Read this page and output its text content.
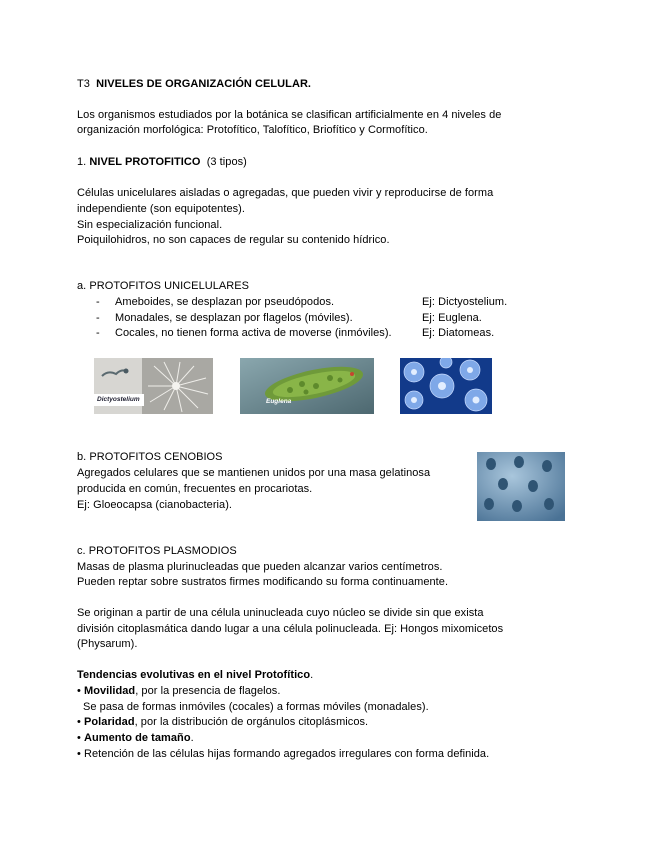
T3 NIVELES DE ORGANIZACIÓN CELULAR.
Los organismos estudiados por la botánica se clasifican artificialmente en 4 niveles de
organización morfológica: Protofítico, Talofítico, Briofítico y Cormofítico.
1. NIVEL PROTOFITICO (3 tipos)
Células unicelulares aisladas o agregadas, que pueden vivir y reproducirse de forma
independiente (son equipotentes).
Sin especialización funcional.
Poiquilohidros, no son capaces de regular su contenido hídrico.
a. PROTOFITOS UNICELULARES
- Ameboides, se desplazan por pseudópodos.	Ej: Dictyostelium.
- Monadales, se desplazan por flagelos (móviles).	Ej: Euglena.
- Cocales, no tienen forma activa de moverse (inmóviles).	Ej: Diatomeas.
Dictyostelium	Euglena
b. PROTOFITOS CENOBIOS
Agregados celulares que se mantienen unidos por una masa gelatinosa
producida en común, frecuentes en procariotas.
Ej: Gloeocapsa (cianobacteria).
c. PROTOFITOS PLASMODIOS
Masas de plasma plurinucleadas que pueden alcanzar varios centímetros.
Pueden reptar sobre sustratos firmes modificando su forma continuamente.
Se originan a partir de una célula uninucleada cuyo núcleo se divide sin que exista
división citoplasmática dando lugar a una célula polinucleada. Ej: Hongos mixomicetos
(Physarum).
Tendencias evolutivas en el nivel Protofítico.
• Movilidad, por la presencia de flagelos.
Se pasa de formas inmóviles (cocales) a formas móviles (monadales).
• Polaridad, por la distribución de orgánulos citoplásmicos.
• Aumento de tamaño.
• Retención de las células hijas formando agregados irregulares con forma definida.
